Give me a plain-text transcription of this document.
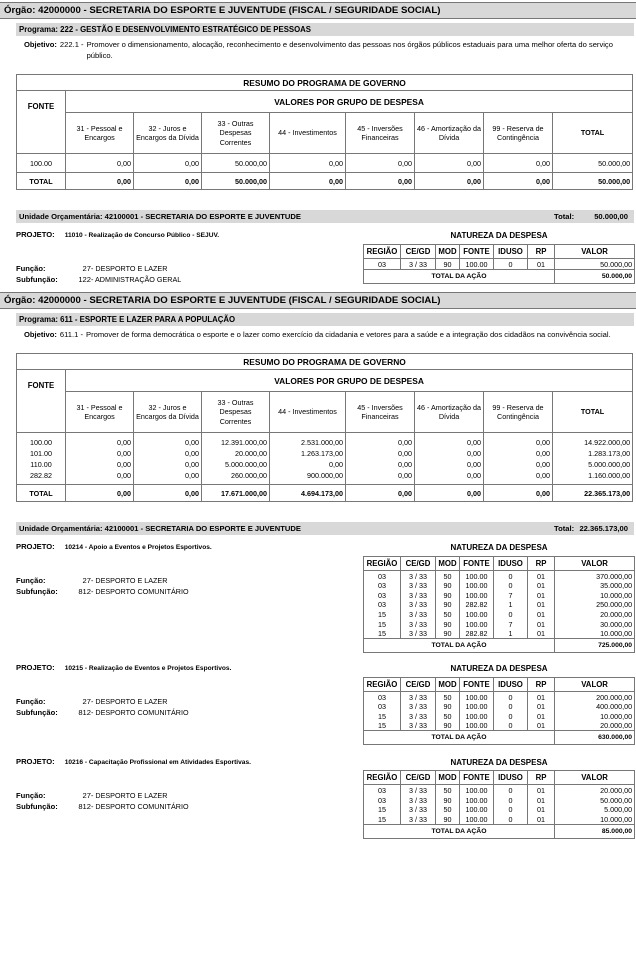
Órgão: 42000000 - SECRETARIA DO ESPORTE E JUVENTUDE (FISCAL / SEGURIDADE SOCIAL)
Programa: 222 - GESTÃO E DESENVOLVIMENTO ESTRATÉGICO DE PESSOAS
Objetivo: 222.1 - Promover o dimensionamento, alocação, reconhecimento e desenvolvimento das pessoas nos órgãos públicos estaduais para uma melhor oferta do serviço público.
RESUMO DO PROGRAMA DE GOVERNO								
FONTE	VALORES POR GRUPO DE DESPESA							
	31 - Pessoal e Encargos	32 - Juros e Encargos da Dívida	33 - Outras Despesas Correntes	44 - Investimentos	45 - Inversões Financeiras	46 - Amortização da Dívida	99 - Reserva de Contingência	TOTAL

100.00	0,00	0,00	50.000,00	0,00	0,00	0,00	0,00	50.000,00

TOTAL	0,00	0,00	50.000,00	0,00	0,00	0,00	0,00	50.000,00
Unidade Orçamentária: 42100001 - SECRETARIA DO ESPORTE E JUVENTUDE	Total:	50.000,00
PROJETO: 11010 - Realização de Concurso Público - SEJUV.
Função:	27- DESPORTO E LAZER
Subfunção:	122- ADMINISTRAÇÃO GERAL
NATUREZA DA DESPESA						
REGIÃO	CE/GD	MOD	FONTE	IDUSO	RP	VALOR
03	3 / 33	90	100.00	0	01	50.000,00
TOTAL DA AÇÃO						50.000,00
Órgão: 42000000 - SECRETARIA DO ESPORTE E JUVENTUDE (FISCAL / SEGURIDADE SOCIAL)
Programa: 611 - ESPORTE E LAZER PARA A POPULAÇÃO
Objetivo: 611.1 - Promover de forma democrática o esporte e o lazer como exercício da cidadania e vetores para a saúde e a integração dos cidadãos na convivência social.
RESUMO DO PROGRAMA DE GOVERNO								
FONTE	VALORES POR GRUPO DE DESPESA							
	31 - Pessoal e Encargos	32 - Juros e Encargos da Dívida	33 - Outras Despesas Correntes	44 - Investimentos	45 - Inversões Financeiras	46 - Amortização da Dívida	99 - Reserva de Contingência	TOTAL

100.00	0,00	0,00	12.391.000,00	2.531.000,00	0,00	0,00	0,00	14.922.000,00
101.00	0,00	0,00	20.000,00	1.263.173,00	0,00	0,00	0,00	1.283.173,00
110.00	0,00	0,00	5.000.000,00	0,00	0,00	0,00	0,00	5.000.000,00
282.82	0,00	0,00	260.000,00	900.000,00	0,00	0,00	0,00	1.160.000,00

TOTAL	0,00	0,00	17.671.000,00	4.694.173,00	0,00	0,00	0,00	22.365.173,00
Unidade Orçamentária: 42100001 - SECRETARIA DO ESPORTE E JUVENTUDE	Total: 22.365.173,00
PROJETO: 10214 - Apoio a Eventos e Projetos Esportivos.
Função:	27- DESPORTO E LAZER
Subfunção:	812- DESPORTO COMUNITÁRIO
NATUREZA DA DESPESA						
REGIÃO	CE/GD	MOD	FONTE	IDUSO	RP	VALOR
03	3 / 33	50	100.00	0	01	370.000,00
03	3 / 33	90	100.00	0	01	35.000,00
03	3 / 33	90	100.00	7	01	10.000,00
03	3 / 33	90	282.82	1	01	250.000,00
15	3 / 33	50	100.00	0	01	20.000,00
15	3 / 33	90	100.00	7	01	30.000,00
15	3 / 33	90	282.82	1	01	10.000,00
TOTAL DA AÇÃO						725.000,00
PROJETO: 10215 - Realização de Eventos e Projetos Esportivos.
Função:	27- DESPORTO E LAZER
Subfunção:	812- DESPORTO COMUNITÁRIO
NATUREZA DA DESPESA						
REGIÃO	CE/GD	MOD	FONTE	IDUSO	RP	VALOR
03	3 / 33	50	100.00	0	01	200.000,00
03	3 / 33	90	100.00	0	01	400.000,00
15	3 / 33	50	100.00	0	01	10.000,00
15	3 / 33	90	100.00	0	01	20.000,00
TOTAL DA AÇÃO						630.000,00
PROJETO: 10216 - Capacitação Profissional em Atividades Esportivas.
Função:	27- DESPORTO E LAZER
Subfunção:	812- DESPORTO COMUNITÁRIO
NATUREZA DA DESPESA						
REGIÃO	CE/GD	MOD	FONTE	IDUSO	RP	VALOR
03	3 / 33	50	100.00	0	01	20.000,00
03	3 / 33	90	100.00	0	01	50.000,00
15	3 / 33	50	100.00	0	01	5.000,00
15	3 / 33	90	100.00	0	01	10.000,00
TOTAL DA AÇÃO						85.000,00
